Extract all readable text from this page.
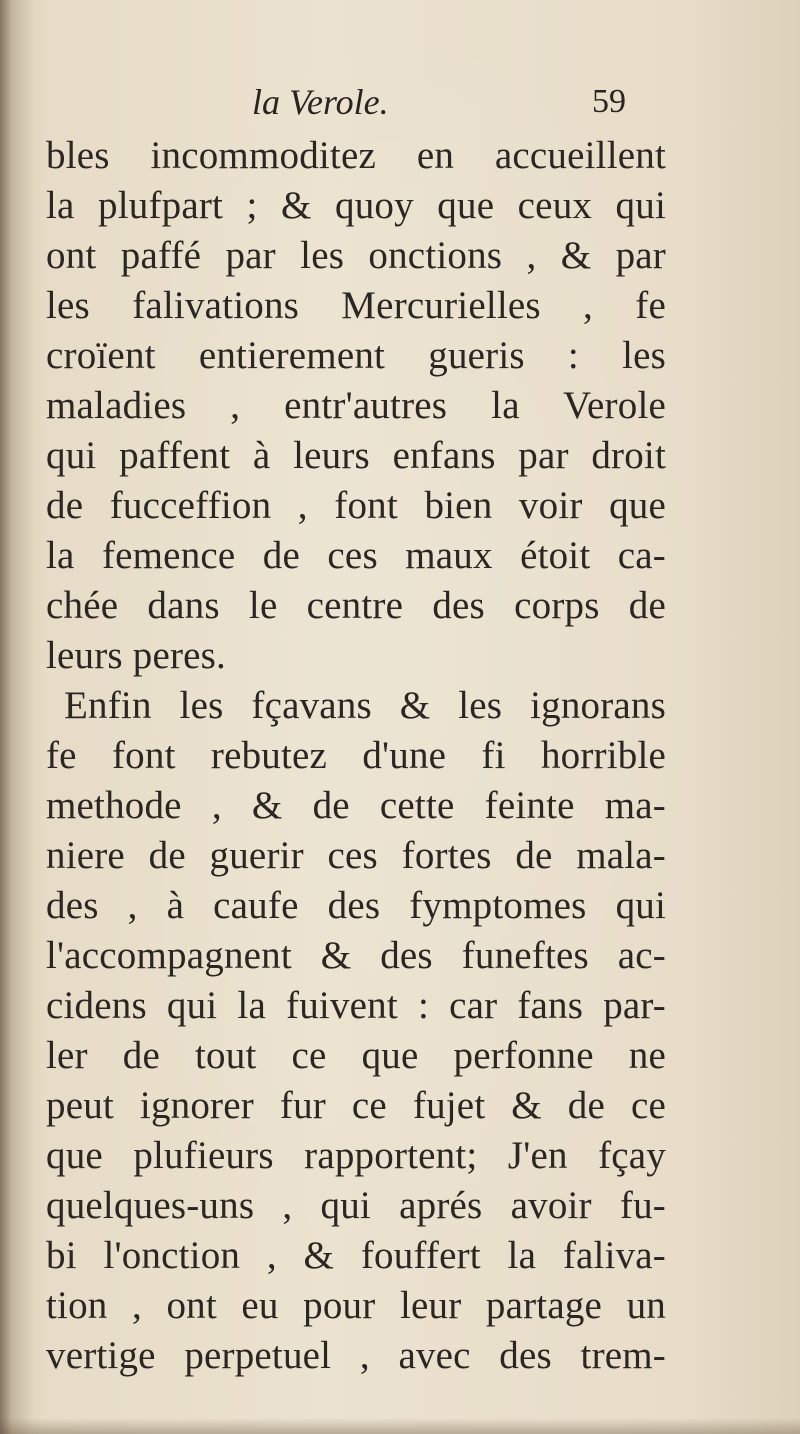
la Verole.	59
bles incommoditez en accueillent
la plufpart ; & quoy que ceux qui
ont paffé par les onctions , & par
les falivations Mercurielles , fe
croïent entierement gueris : les
maladies , entr'autres la Verole
qui paffent à leurs enfans par droit
de fucceffion , font bien voir que
la femence de ces maux étoit ca-
chée dans le centre des corps de
leurs peres.
Enfin les fçavans & les ignorans
fe font rebutez d'une fi horrible
methode , & de cette feinte ma-
niere de guerir ces fortes de mala-
des , à caufe des fymptomes qui
l'accompagnent & des funeftes ac-
cidens qui la fuivent : car fans par-
ler de tout ce que perfonne ne
peut ignorer fur ce fujet & de ce
que plufieurs rapportent; J'en fçay
quelques-uns , qui aprés avoir fu-
bi l'onction , & fouffert la faliva-
tion , ont eu pour leur partage un
vertige perpetuel , avec des trem-
